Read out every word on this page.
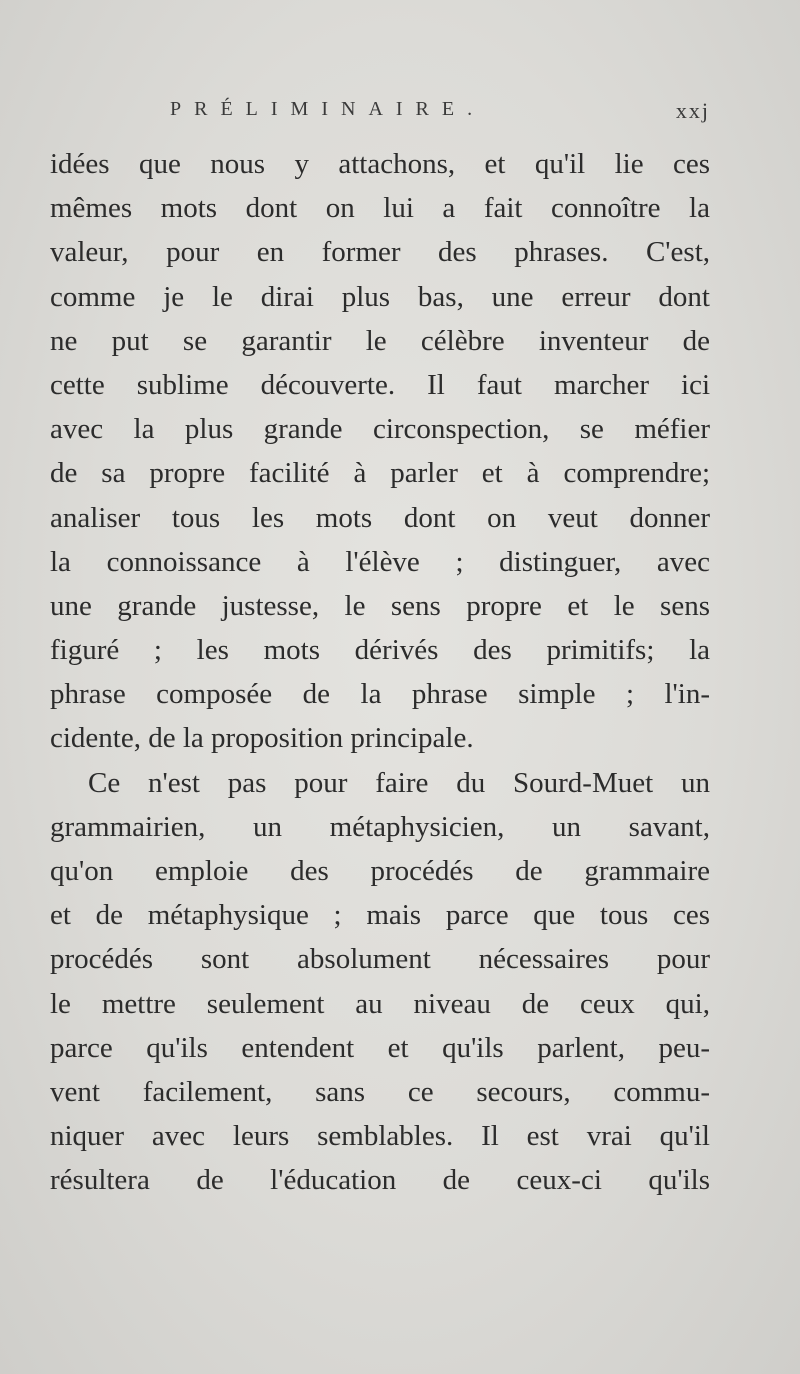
PRÉLIMINAIRE.	xxj
idées que nous y attachons, et qu'il lie ces
mêmes mots dont on lui a fait connoître la
valeur, pour en former des phrases. C'est,
comme je le dirai plus bas, une erreur dont
ne put se garantir le célèbre inventeur de
cette sublime découverte. Il faut marcher ici
avec la plus grande circonspection, se méfier
de sa propre facilité à parler et à comprendre;
analiser tous les mots dont on veut donner
la connoissance à l'élève ; distinguer, avec
une grande justesse, le sens propre et le sens
figuré ; les mots dérivés des primitifs; la
phrase composée de la phrase simple ; l'in-
cidente, de la proposition principale.
Ce n'est pas pour faire du Sourd-Muet un
grammairien, un métaphysicien, un savant,
qu'on emploie des procédés de grammaire
et de métaphysique ; mais parce que tous ces
procédés sont absolument nécessaires pour
le mettre seulement au niveau de ceux qui,
parce qu'ils entendent et qu'ils parlent, peu-
vent facilement, sans ce secours, commu-
niquer avec leurs semblables. Il est vrai qu'il
résultera de l'éducation de ceux-ci qu'ils
